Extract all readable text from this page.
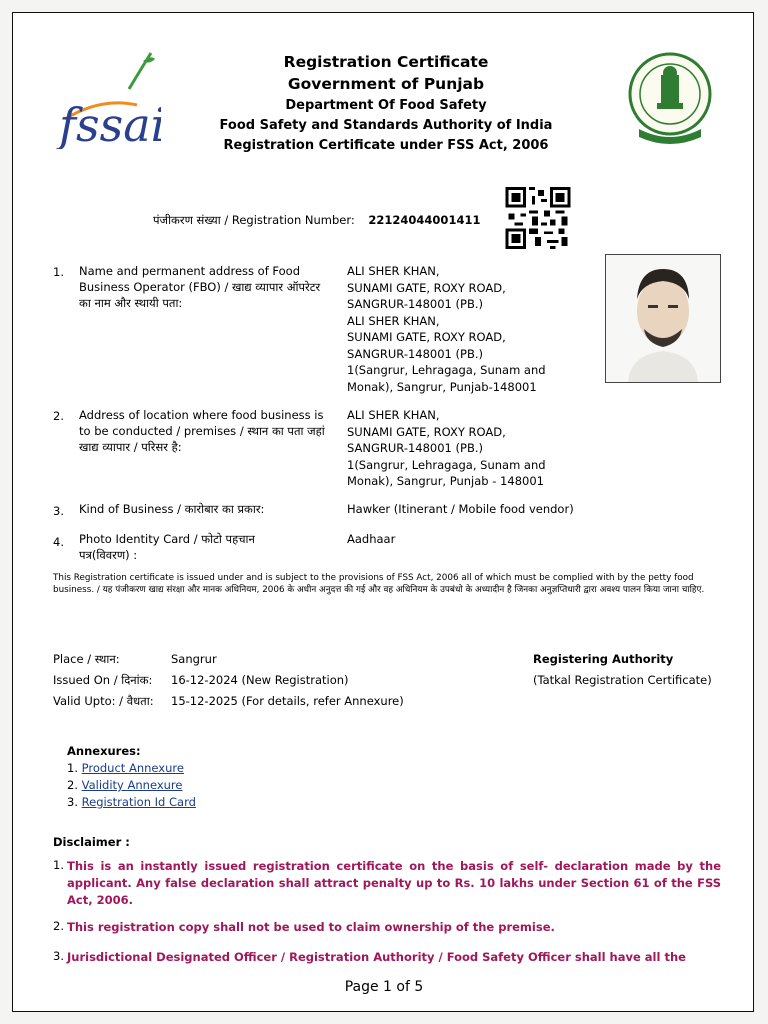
fssai
Registration Certificate
Government of Punjab
Department Of Food Safety
Food Safety and Standards Authority of India
Registration Certificate under FSS Act, 2006
पंजीकरण संख्या / Registration Number: 22124044001411
1. Name and permanent address of Food Business Operator (FBO) / खाद्य व्यापार ऑपरेटर का नाम और स्थायी पता:
ALI SHER KHAN,
SUNAMI GATE, ROXY ROAD,
SANGRUR-148001 (PB.)
ALI SHER KHAN,
SUNAMI GATE, ROXY ROAD,
SANGRUR-148001 (PB.)
1(Sangrur, Lehragaga, Sunam and
Monak), Sangrur, Punjab-148001
2. Address of location where food business is to be conducted / premises / स्थान का पता जहां खाद्य व्यापार / परिसर है:
ALI SHER KHAN,
SUNAMI GATE, ROXY ROAD,
SANGRUR-148001 (PB.)
1(Sangrur, Lehragaga, Sunam and
Monak), Sangrur, Punjab - 148001
3. Kind of Business / कारोबार का प्रकार:	Hawker (Itinerant / Mobile food vendor)
4. Photo Identity Card / फोटो पहचान पत्र(विवरण) :
Aadhaar
This Registration certificate is issued under and is subject to the provisions of FSS Act, 2006 all of which must be complied with by the petty food business. / यह पंजीकरण खाद्य संरक्षा और मानक अधिनियम, 2006 के अधीन अनुदत्त की गई और वह अधिनियम के उपबंधो के अध्यादीन है जिनका अनुज्ञप्तिधारी द्वारा अवश्य पालन किया जाना चाहिए.
Place / स्थान:
Issued On / दिनांक:
Valid Upto: / वैधता:
Sangrur
16-12-2024 (New Registration)
15-12-2025 (For details, refer Annexure)
Registering Authority
(Tatkal Registration Certificate)
Annexures:
1. Product Annexure
2. Validity Annexure
3. Registration Id Card
Disclaimer :
1. This is an instantly issued registration certificate on the basis of self- declaration made by the applicant. Any false declaration shall attract penalty up to Rs. 10 lakhs under Section 61 of the FSS Act, 2006.
2. This registration copy shall not be used to claim ownership of the premise.
3. Jurisdictional Designated Officer / Registration Authority / Food Safety Officer shall have all the
Page 1 of 5
